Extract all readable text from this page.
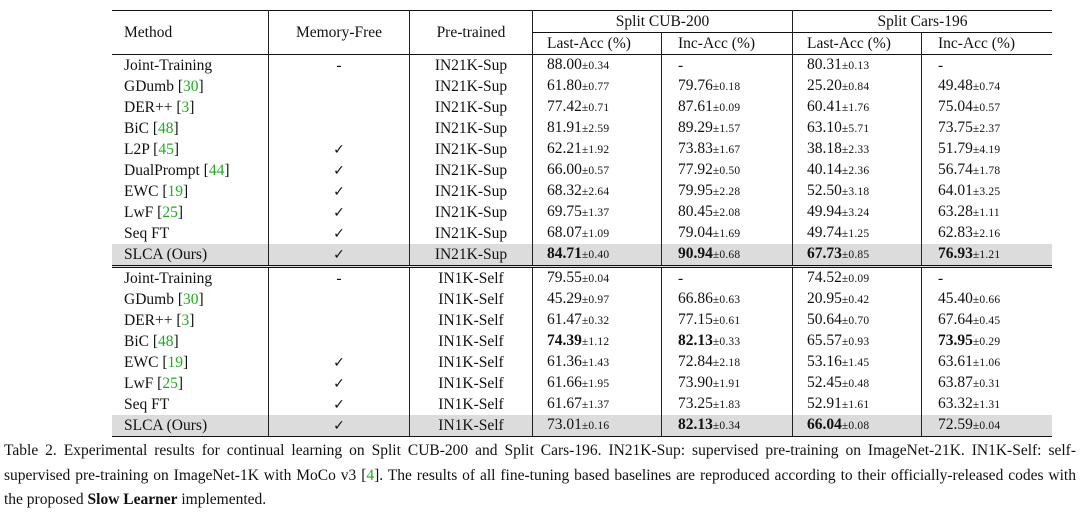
Method	Memory-Free	Pre-trained	Split CUB-200		Split Cars-196	
			Last-Acc (%)	Inc-Acc (%)	Last-Acc (%)	Inc-Acc (%)
Joint-Training	-	IN21K-Sup	88.00±0.34	-	80.31±0.13	-
GDumb [30]		IN21K-Sup	61.80±0.77	79.76±0.18	25.20±0.84	49.48±0.74
DER++ [3]		IN21K-Sup	77.42±0.71	87.61±0.09	60.41±1.76	75.04±0.57
BiC [48]		IN21K-Sup	81.91±2.59	89.29±1.57	63.10±5.71	73.75±2.37
L2P [45]	✓	IN21K-Sup	62.21±1.92	73.83±1.67	38.18±2.33	51.79±4.19
DualPrompt [44]	✓	IN21K-Sup	66.00±0.57	77.92±0.50	40.14±2.36	56.74±1.78
EWC [19]	✓	IN21K-Sup	68.32±2.64	79.95±2.28	52.50±3.18	64.01±3.25
LwF [25]	✓	IN21K-Sup	69.75±1.37	80.45±2.08	49.94±3.24	63.28±1.11
Seq FT	✓	IN21K-Sup	68.07±1.09	79.04±1.69	49.74±1.25	62.83±2.16
SLCA (Ours)	✓	IN21K-Sup	84.71±0.40	90.94±0.68	67.73±0.85	76.93±1.21
Joint-Training	-	IN1K-Self	79.55±0.04	-	74.52±0.09	-
GDumb [30]		IN1K-Self	45.29±0.97	66.86±0.63	20.95±0.42	45.40±0.66
DER++ [3]		IN1K-Self	61.47±0.32	77.15±0.61	50.64±0.70	67.64±0.45
BiC [48]		IN1K-Self	74.39±1.12	82.13±0.33	65.57±0.93	73.95±0.29
EWC [19]	✓	IN1K-Self	61.36±1.43	72.84±2.18	53.16±1.45	63.61±1.06
LwF [25]	✓	IN1K-Self	61.66±1.95	73.90±1.91	52.45±0.48	63.87±0.31
Seq FT	✓	IN1K-Self	61.67±1.37	73.25±1.83	52.91±1.61	63.32±1.31
SLCA (Ours)	✓	IN1K-Self	73.01±0.16	82.13±0.34	66.04±0.08	72.59±0.04

Table 2. Experimental results for continual learning on Split CUB-200 and Split Cars-196. IN21K-Sup: supervised pre-training on ImageNet-21K. IN1K-Self: self-supervised pre-training on ImageNet-1K with MoCo v3 [4]. The results of all fine-tuning based baselines are reproduced according to their officially-released codes with the proposed Slow Learner implemented.
